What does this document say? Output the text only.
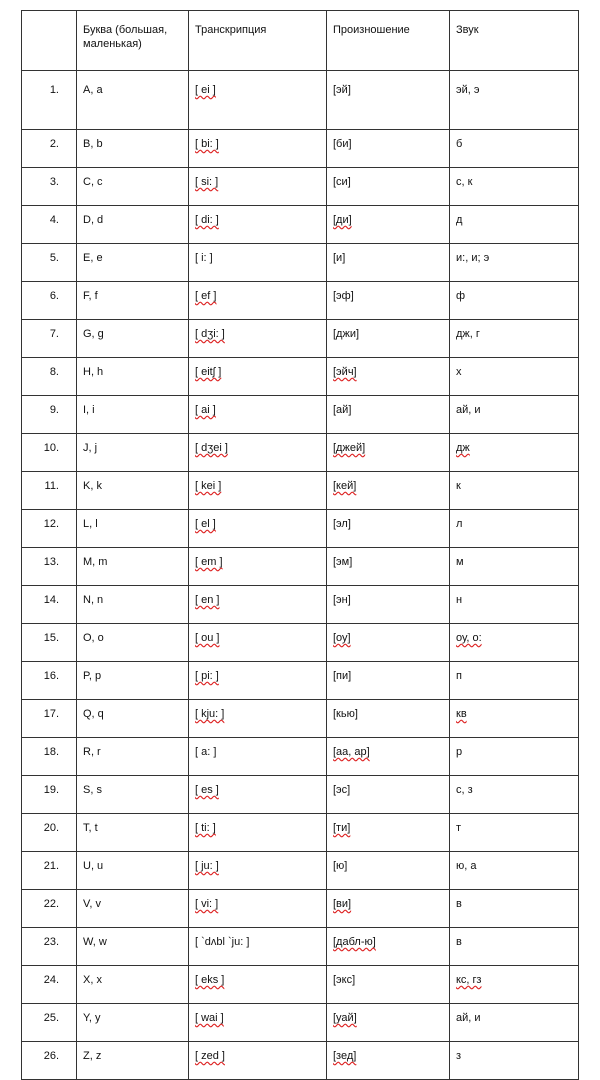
	Буква (большая, маленькая)	Транскрипция	Произношение	Звук
1.	A, a	[ ei ]	[эй]	эй, э
2.	B, b	[ bi: ]	[би]	б
3.	C, c	[ si: ]	[си]	с, к
4.	D, d	[ di: ]	[ди]	д
5.	E, e	[ i: ]	[и]	и:, и; э
6.	F, f	[ ef ]	[эф]	ф
7.	G, g	[ dʒi: ]	[джи]	дж, г
8.	H, h	[ eitʃ ]	[эйч]	х
9.	I, i	[ ai ]	[ай]	ай, и
10.	J, j	[ dʒei ]	[джей]	дж
11.	K, k	[ kei ]	[кей]	к
12.	L, l	[ el ]	[эл]	л
13.	M, m	[ em ]	[эм]	м
14.	N, n	[ en ]	[эн]	н
15.	O, o	[ ou ]	[оу]	оу, о:
16.	P, p	[ pi: ]	[пи]	п
17.	Q, q	[ kju: ]	[кью]	кв
18.	R, r	[ a: ]	[аа, ар]	р
19.	S, s	[ es ]	[эс]	с, з
20.	T, t	[ ti: ]	[ти]	т
21.	U, u	[ ju: ]	[ю]	ю, а
22.	V, v	[ vi: ]	[ви]	в
23.	W, w	[ `dʌbl `ju: ]	[дабл-ю]	в
24.	X, x	[ eks ]	[экс]	кс, гз
25.	Y, y	[ wai ]	[уай]	ай, и
26.	Z, z	[ zed ]	[зед]	з
